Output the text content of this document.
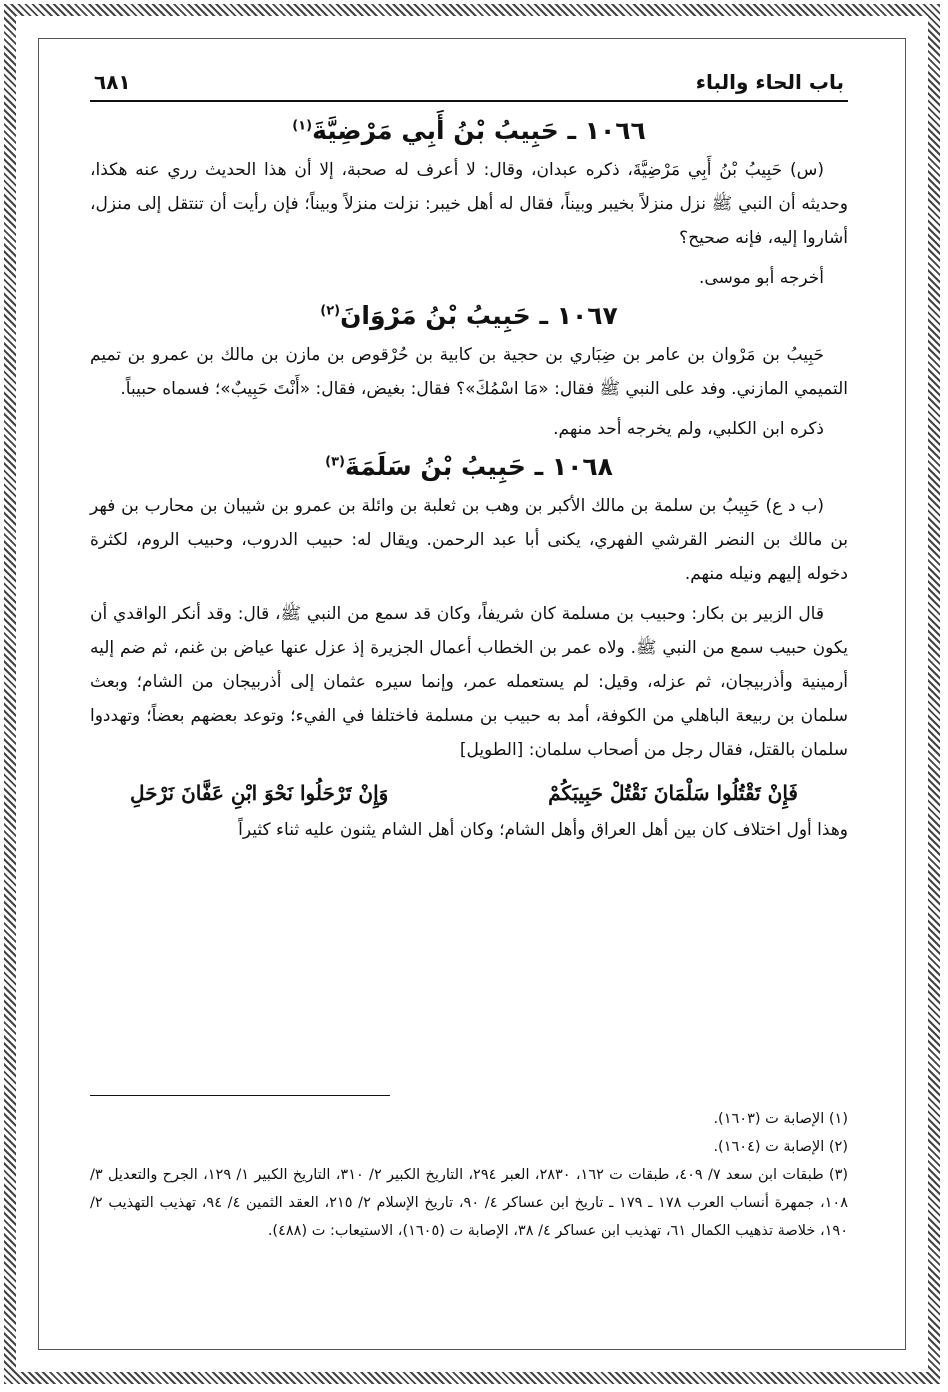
باب الحاء والباء
٦٨١
١٠٦٦ ـ حَبِيبُ بْنُ أَبِي مَرْضِيَّةَ$^{(١)}$

(س) حَبِيبُ بْنُ أَبِي مَرْضِيَّةَ، ذكره عبدان، وقال: لا أعرف له صحبة، إلا أن هذا الحديث رري عنه هكذا، وحديثه أن النبي ﷺ نزل منزلاً بخيبر وبيناً، فقال له أهل خيبر: نزلت منزلاً وبيناً؛ فإن رأيت أن تنتقل إلى منزل، أشاروا إليه، فإنه صحيح؟

أخرجه أبو موسى.

١٠٦٧ ـ حَبِيبُ بْنُ مَرْوَانَ$^{(٢)}$

حَبِيبُ بن مَرْوان بن عامر بن ضِبَاري بن حجية بن كابية بن حُرْقوص بن مازن بن مالك بن عمرو بن تميم التميمي المازني. وفد على النبي ﷺ فقال: «مَا اسْمُكَ»؟ فقال: بغيض، فقال: «أَنْتَ حَبِيبٌ»؛ فسماه حبيباً.

ذكره ابن الكلبي، ولم يخرجه أحد منهم.

١٠٦٨ ـ حَبِيبُ بْنُ سَلَمَةَ$^{(٣)}$

(ب د ع) حَبِيبُ بن سلمة بن مالك الأكبر بن وهب بن ثعلبة بن وائلة بن عمرو بن شيبان بن محارب بن فهر بن مالك بن النضر القرشي الفهري، يكنى أبا عبد الرحمن. ويقال له: حبيب الدروب، وحبيب الروم، لكثرة دخوله إليهم ونيله منهم.

قال الزبير بن بكار: وحبيب بن مسلمة كان شريفاً، وكان قد سمع من النبي ﷺ، قال: وقد أنكر الواقدي أن يكون حبيب سمع من النبي ﷺ. ولاه عمر بن الخطاب أعمال الجزيرة إذ عزل عنها عياض بن غنم، ثم ضم إليه أرمينية وأذربيجان، ثم عزله، وقيل: لم يستعمله عمر، وإنما سيره عثمان إلى أذربيجان من الشام؛ وبعث سلمان بن ربيعة الباهلي من الكوفة، أمد به حبيب بن مسلمة فاختلفا في الفيء؛ وتوعد بعضهم بعضاً؛ وتهددوا سلمان بالقتل، فقال رجل من أصحاب سلمان: [الطويل]

فَإِنْ تَقْتُلُوا سَلْمَانَ نَقْتُلْ حَبِيبَكُمْ
وَإِنْ تَرْحَلُوا نَحْوَ ابْنِ عَفَّانَ نَرْحَلِ

وهذا أول اختلاف كان بين أهل العراق وأهل الشام؛ وكان أهل الشام يثنون عليه ثناء كثيراً

(١) الإصابة ت (١٦٠٣).
(٢) الإصابة ت (١٦٠٤).
(٣) طبقات ابن سعد ٧/ ٤٠٩، طبقات ت ١٦٢، ٢٨٣٠، العبر ٢٩٤، التاريخ الكبير ٢/ ٣١٠، التاريخ الكبير ١/ ١٢٩، الجرح والتعديل ٣/ ١٠٨، جمهرة أنساب العرب ١٧٨ ـ ١٧٩ ـ تاريخ ابن عساكر ٤/ ٩٠، تاريخ الإسلام ٢/ ٢١٥، العقد الثمين ٤/ ٩٤، تهذيب التهذيب ٢/ ١٩٠، خلاصة تذهيب الكمال ٦١، تهذيب ابن عساكر ٤/ ٣٨، الإصابة ت (١٦٠٥)، الاستيعاب: ت (٤٨٨).
